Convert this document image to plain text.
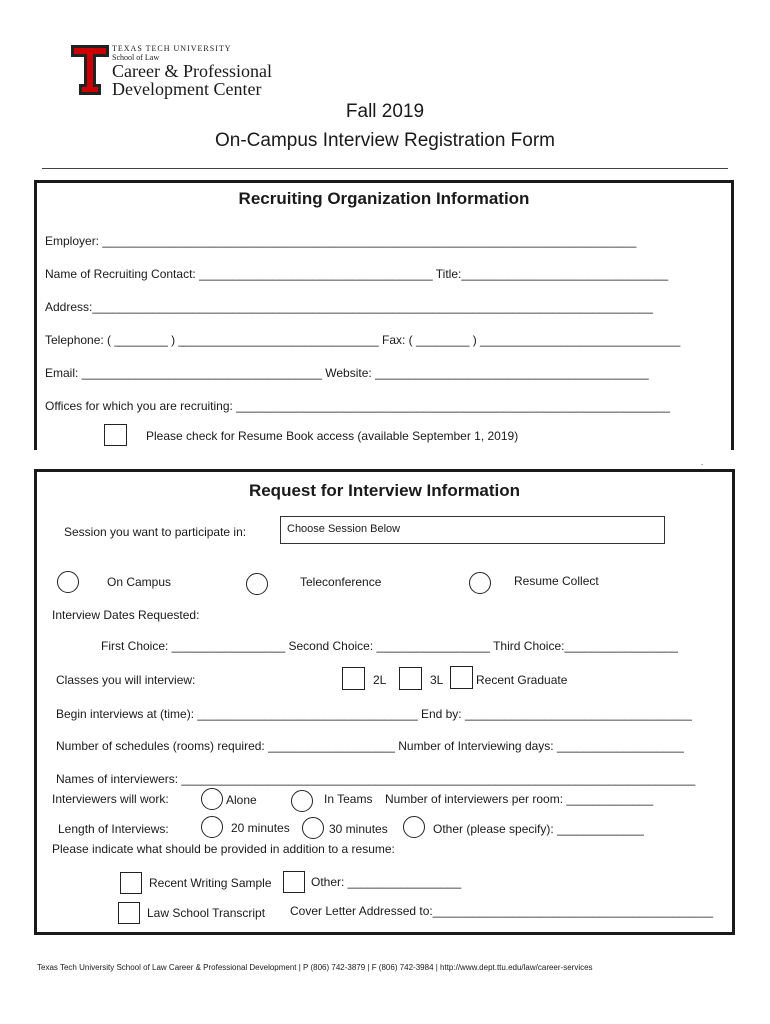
TEXAS TECH UNIVERSITY
School of Law
Career & Professional
Development Center
Fall 2019
On-Campus Interview Registration Form
Recruiting Organization Information
Employer: ________________________________________________________________________________
Name of Recruiting Contact: ___________________________________ Title:_______________________________
Address:____________________________________________________________________________________
Telephone: ( ________ ) ______________________________ Fax: ( ________ ) ______________________________
Email: ____________________________________ Website: _________________________________________
Offices for which you are recruiting: _________________________________________________________________
Please check for Resume Book access (available September 1, 2019)
.
Request for Interview Information
Session you want to participate in:	Choose Session Below
On Campus	Teleconference	Resume Collect
Interview Dates Requested:
First Choice: _________________ Second Choice: _________________ Third Choice:_________________
Classes you will interview:	2L	3L	Recent Graduate
Begin interviews at (time): _________________________________ End by: __________________________________
Number of schedules (rooms) required: ___________________ Number of Interviewing days: ___________________
Names of interviewers: _____________________________________________________________________________
Interviewers will work:	Alone	In Teams Number of interviewers per room: _____________
Length of Interviews:	20 minutes	30 minutes	Other (please specify): _____________
Please indicate what should be provided in addition to a resume:
Recent Writing Sample	Other: _________________
Law School Transcript Cover Letter Addressed to:__________________________________________
Texas Tech University School of Law Career & Professional Development | P (806) 742-3879 | F (806) 742-3984 | http://www.dept.ttu.edu/law/career-services
